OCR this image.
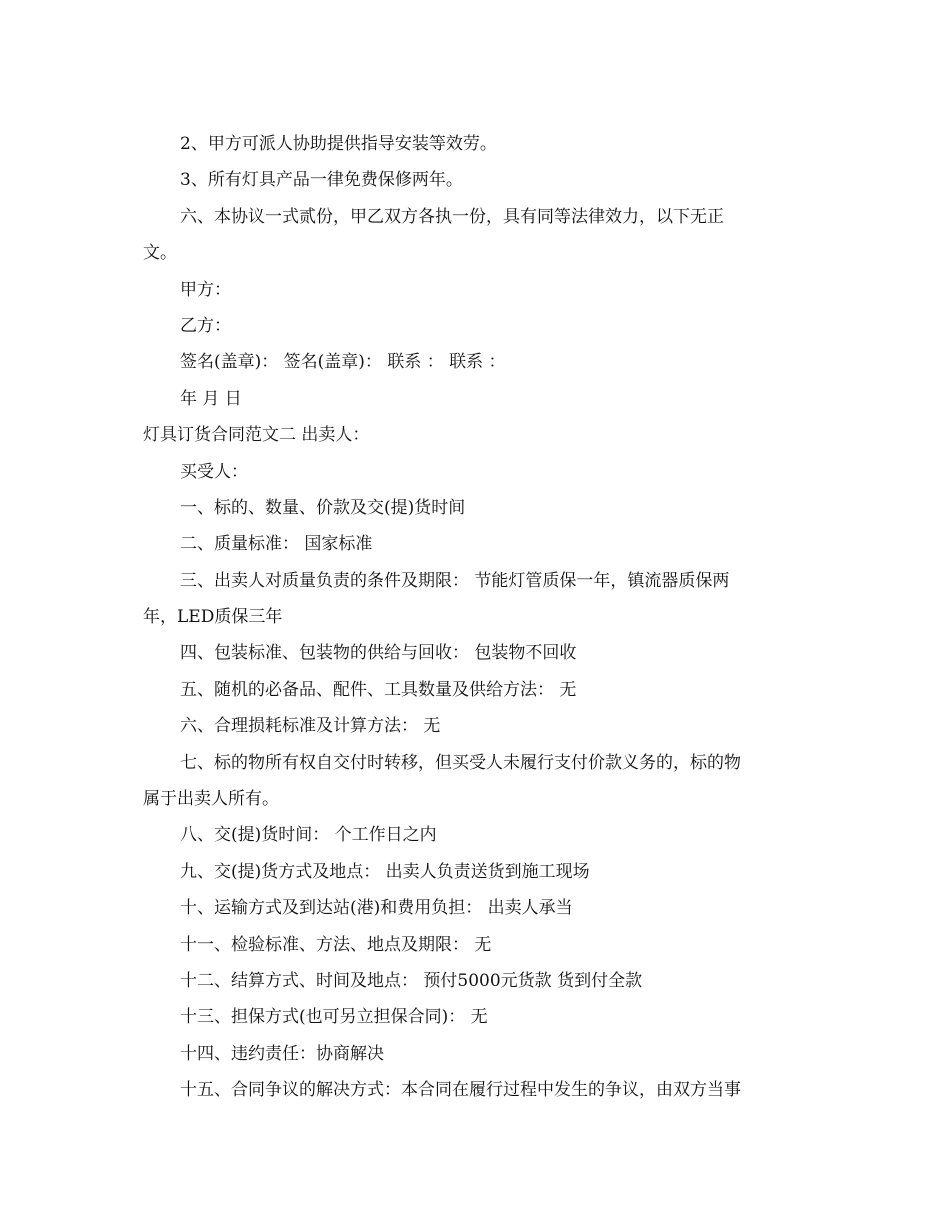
2、甲方可派人协助提供指导安装等效劳。
3、所有灯具产品一律免费保修两年。
六、本协议一式贰份，甲乙双方各执一份，具有同等法律效力，以下无正
文。
甲方：
乙方：
签名(盖章)： 签名(盖章)： 联系 ： 联系 ：
年 月 日
灯具订货合同范文二 出卖人：
买受人：
一、标的、数量、价款及交(提)货时间
二、质量标准： 国家标准
三、出卖人对质量负责的条件及期限： 节能灯管质保一年，镇流器质保两
年，LED质保三年
四、包装标准、包装物的供给与回收： 包装物不回收
五、随机的必备品、配件、工具数量及供给方法： 无
六、合理损耗标准及计算方法： 无
七、标的物所有权自交付时转移，但买受人未履行支付价款义务的，标的物
属于出卖人所有。
八、交(提)货时间： 个工作日之内
九、交(提)货方式及地点： 出卖人负责送货到施工现场
十、运输方式及到达站(港)和费用负担： 出卖人承当
十一、检验标准、方法、地点及期限： 无
十二、结算方式、时间及地点： 预付5000元货款 货到付全款
十三、担保方式(也可另立担保合同)： 无
十四、违约责任：协商解决
十五、合同争议的解决方式：本合同在履行过程中发生的争议，由双方当事
